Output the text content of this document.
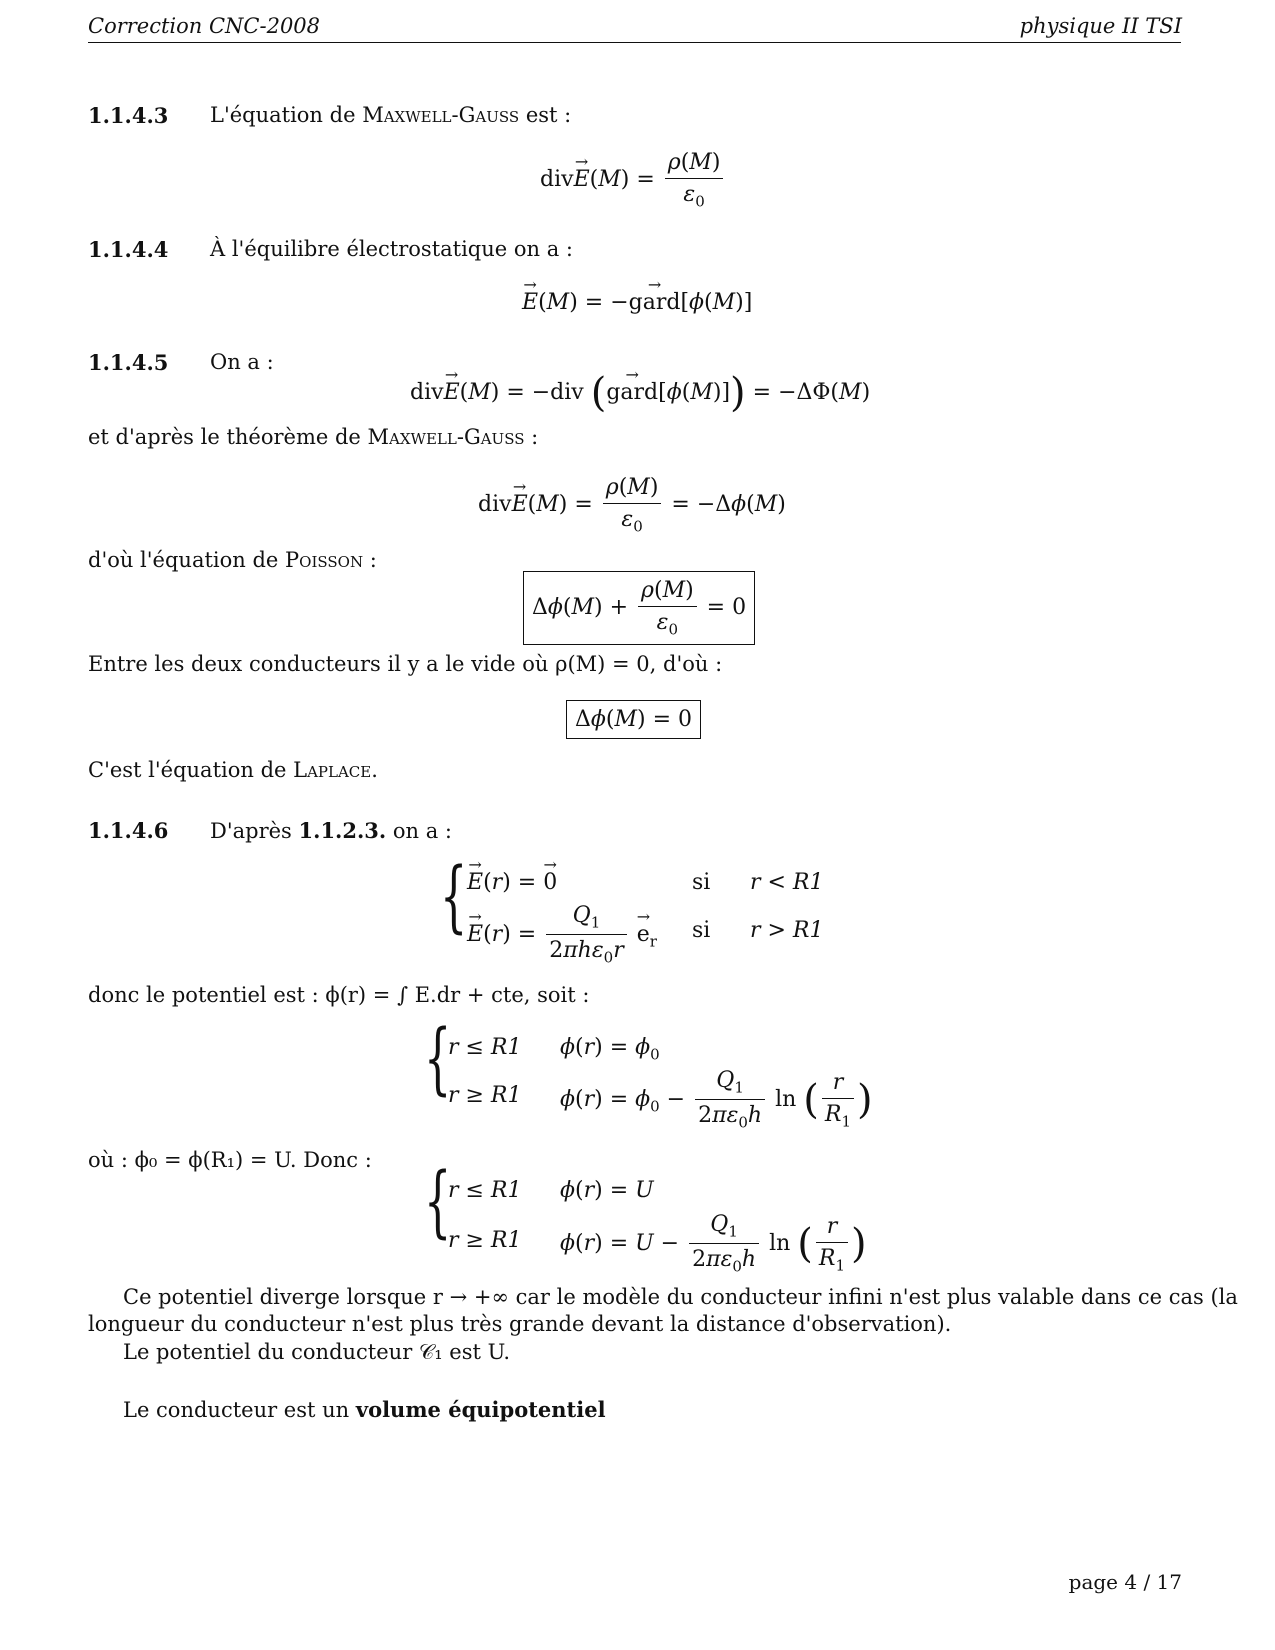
Correction CNC-2008	physique II TSI
1.1.4.3 L'équation de Maxwell-Gauss est :
$div\to E(M) = \frac{\rho(M)}{\varepsilon_0}$
1.1.4.4 À l'équilibre électrostatique on a :
→ E(M) = −→ gard[ϕ(M)]
1.1.4.5 On a :
div→ E(M) = −div (→ gard[ϕ(M)]) = −ΔΦ(M)
et d'après le théorème de Maxwell-Gauss :
$div\to E(M) = \frac{\rho(M)}{\varepsilon_0} = -\Delta\phi(M)$
d'où l'équation de Poisson :
$\Delta\phi(M) + \frac{\rho(M)}{\varepsilon_0} = 0$
Entre les deux conducteurs il y a le vide où ρ(M) = 0, d'où :
Δϕ(M) = 0
C'est l'équation de Laplace.
1.1.4.6 D'après 1.1.2.3. on a :
{
→ E(r) = → 0	si r < R1
→ $E(r) = \frac{Q_1}{2\pi h\varepsilon_0r}$
→ $e_r$ si r > R1
donc le potentiel est : ϕ(r) = ∫ E.dr + cte, soit :
{
r ≤ R1 $\phi(r) = \phi_0$
r ≥ R1 $\phi(r) = \phi_0 - \frac{Q_1}{2\pi\varepsilon_0h}$ ln ( $\frac{r}{R_1}$ )
où : ϕ₀ = ϕ(R₁) = U. Donc : {
r ≤ R1 ϕ(r) = U
r ≥ R1 $\phi(r) = U - \frac{Q_1}{2\pi\varepsilon_0h}$ ln ( $\frac{r}{R_1}$ )
Ce potentiel diverge lorsque r → +∞ car le modèle du conducteur infini n'est plus valable dans ce cas (la
longueur du conducteur n'est plus très grande devant la distance d'observation).
Le potentiel du conducteur 𝒞₁ est U.
Le conducteur est un volume équipotentiel
page 4 / 17
